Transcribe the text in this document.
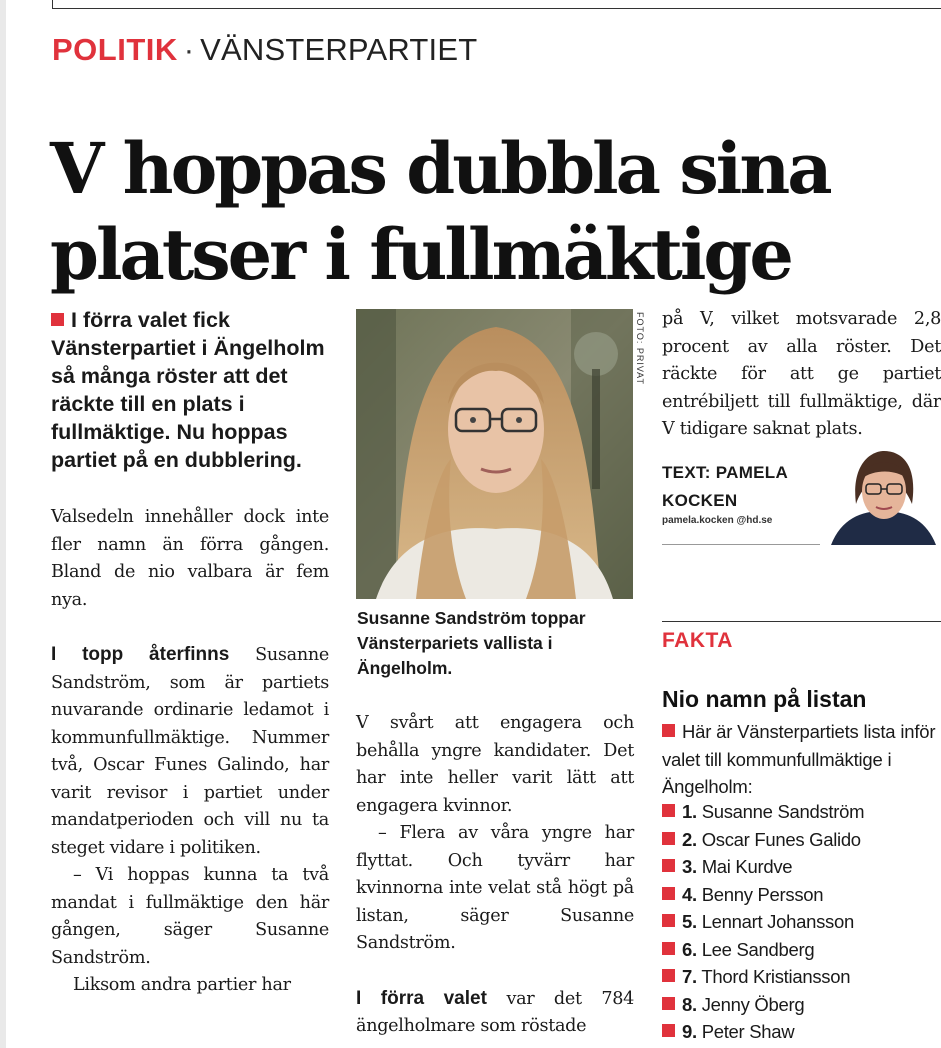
POLITIK · VÄNSTERPARTIET
V hoppas dubbla sina platser i fullmäktige

I förra valet fick Vänsterpartiet i Ängelholm så många röster att det räckte till en plats i fullmäktige. Nu hoppas partiet på en dubblering.

Valsedeln innehåller dock inte fler namn än förra gången. Bland de nio valbara är fem nya.

I topp återfinns Susanne Sandström, som är partiets nuvarande ordinarie ledamot i kommunfullmäktige. Nummer två, Oscar Funes Galindo, har varit revisor i partiet under mandatperioden och vill nu ta steget vidare i politiken.

– Vi hoppas kunna ta två mandat i fullmäktige den här gången, säger Susanne Sandström.

Liksom andra partier har

FOTO: PRIVAT

Susanne Sandström toppar Vänsterpariets vallista i Ängelholm.

V svårt att engagera och behålla yngre kandidater. Det har inte heller varit lätt att engagera kvinnor.

– Flera av våra yngre har flyttat. Och tyvärr har kvinnorna inte velat stå högt på listan, säger Susanne Sandström.

I förra valet var det 784 ängelholmare som röstade

på V, vilket motsvarade 2,8 procent av alla röster. Det räckte för att ge partiet entrébiljett till fullmäktige, där V tidigare saknat plats.

TEXT: PAMELA KOCKEN
pamela.kocken @hd.se
FAKTA
Nio namn på listan

Här är Vänsterpartiets lista inför valet till kommunfullmäktige i Ängelholm:

1. Susanne Sandström
2. Oscar Funes Galido
3. Mai Kurdve
4. Benny Persson
5. Lennart Johansson
6. Lee Sandberg
7. Thord Kristiansson
8. Jenny Öberg
9. Peter Shaw
